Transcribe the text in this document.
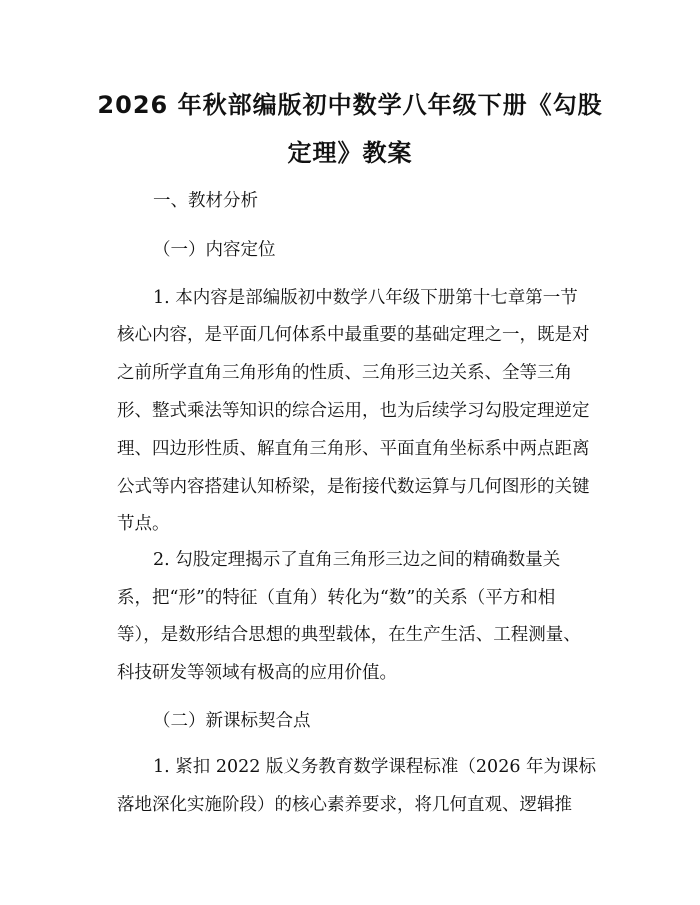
2026 年秋部编版初中数学八年级下册《勾股
定理》教案
一、教材分析
（一）内容定位
1. 本内容是部编版初中数学八年级下册第十七章第一节
核心内容，是平面几何体系中最重要的基础定理之一，既是对
之前所学直角三角形角的性质、三角形三边关系、全等三角
形、整式乘法等知识的综合运用，也为后续学习勾股定理逆定
理、四边形性质、解直角三角形、平面直角坐标系中两点距离
公式等内容搭建认知桥梁，是衔接代数运算与几何图形的关键
节点。
2. 勾股定理揭示了直角三角形三边之间的精确数量关
系，把“形”的特征（直角）转化为“数”的关系（平方和相
等），是数形结合思想的典型载体，在生产生活、工程测量、
科技研发等领域有极高的应用价值。
（二）新课标契合点
1. 紧扣 2022 版义务教育数学课程标准（2026 年为课标
落地深化实施阶段）的核心素养要求，将几何直观、逻辑推
